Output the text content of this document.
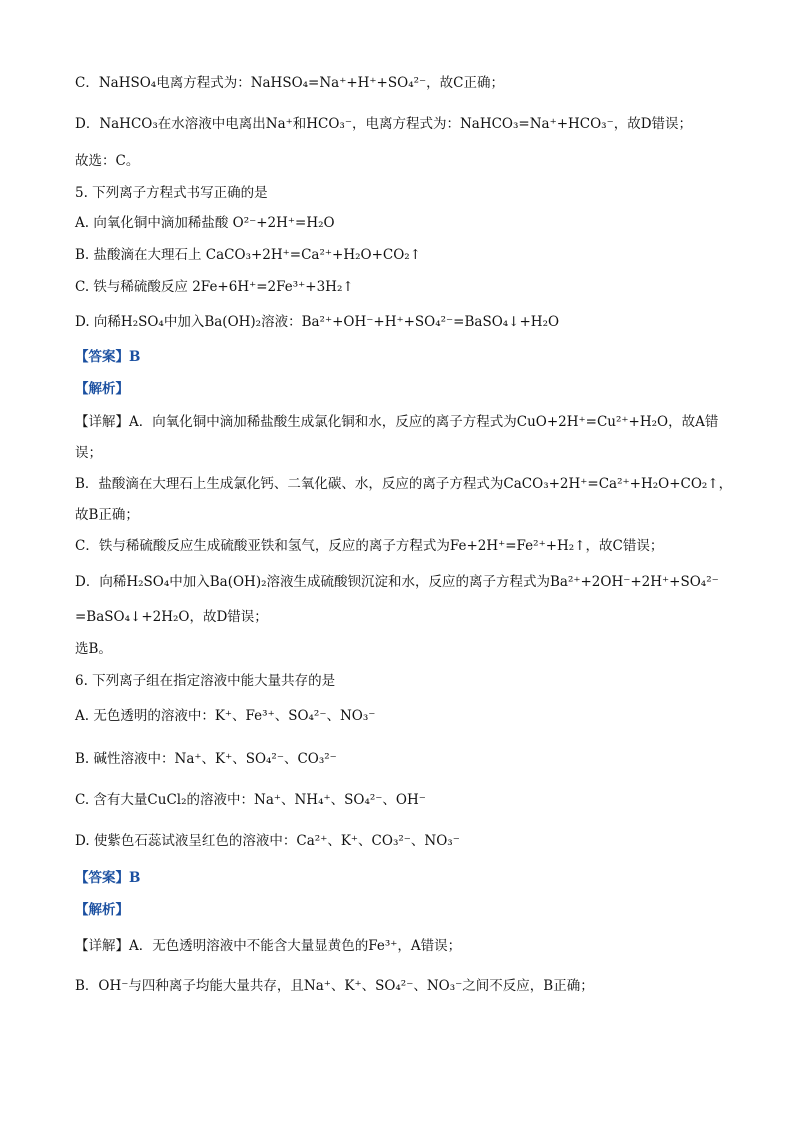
C．NaHSO₄电离方程式为：NaHSO₄=Na⁺+H⁺+SO₄²⁻，故C正确；
D．NaHCO₃在水溶液中电离出Na⁺和HCO₃⁻，电离方程式为：NaHCO₃=Na⁺+HCO₃⁻，故D错误；
故选：C。
5. 下列离子方程式书写正确的是
A. 向氧化铜中滴加稀盐酸 O²⁻+2H⁺=H₂O
B. 盐酸滴在大理石上 CaCO₃+2H⁺=Ca²⁺+H₂O+CO₂↑
C. 铁与稀硫酸反应 2Fe+6H⁺=2Fe³⁺+3H₂↑
D. 向稀H₂SO₄中加入Ba(OH)₂溶液：Ba²⁺+OH⁻+H⁺+SO₄²⁻=BaSO₄↓+H₂O
【答案】B
【解析】
【详解】A．向氧化铜中滴加稀盐酸生成氯化铜和水，反应的离子方程式为CuO+2H⁺=Cu²⁺+H₂O，故A错
误；
B．盐酸滴在大理石上生成氯化钙、二氧化碳、水，反应的离子方程式为CaCO₃+2H⁺=Ca²⁺+H₂O+CO₂↑，
故B正确；
C．铁与稀硫酸反应生成硫酸亚铁和氢气，反应的离子方程式为Fe+2H⁺=Fe²⁺+H₂↑，故C错误；
D．向稀H₂SO₄中加入Ba(OH)₂溶液生成硫酸钡沉淀和水，反应的离子方程式为Ba²⁺+2OH⁻+2H⁺+SO₄²⁻
=BaSO₄↓+2H₂O，故D错误；
选B。
6. 下列离子组在指定溶液中能大量共存的是
A. 无色透明的溶液中：K⁺、Fe³⁺、SO₄²⁻、NO₃⁻
B. 碱性溶液中：Na⁺、K⁺、SO₄²⁻、CO₃²⁻
C. 含有大量CuCl₂的溶液中：Na⁺、NH₄⁺、SO₄²⁻、OH⁻
D. 使紫色石蕊试液呈红色的溶液中：Ca²⁺、K⁺、CO₃²⁻、NO₃⁻
【答案】B
【解析】
【详解】A．无色透明溶液中不能含大量显黄色的Fe³⁺，A错误；
B．OH⁻与四种离子均能大量共存，且Na⁺、K⁺、SO₄²⁻、NO₃⁻之间不反应，B正确；
